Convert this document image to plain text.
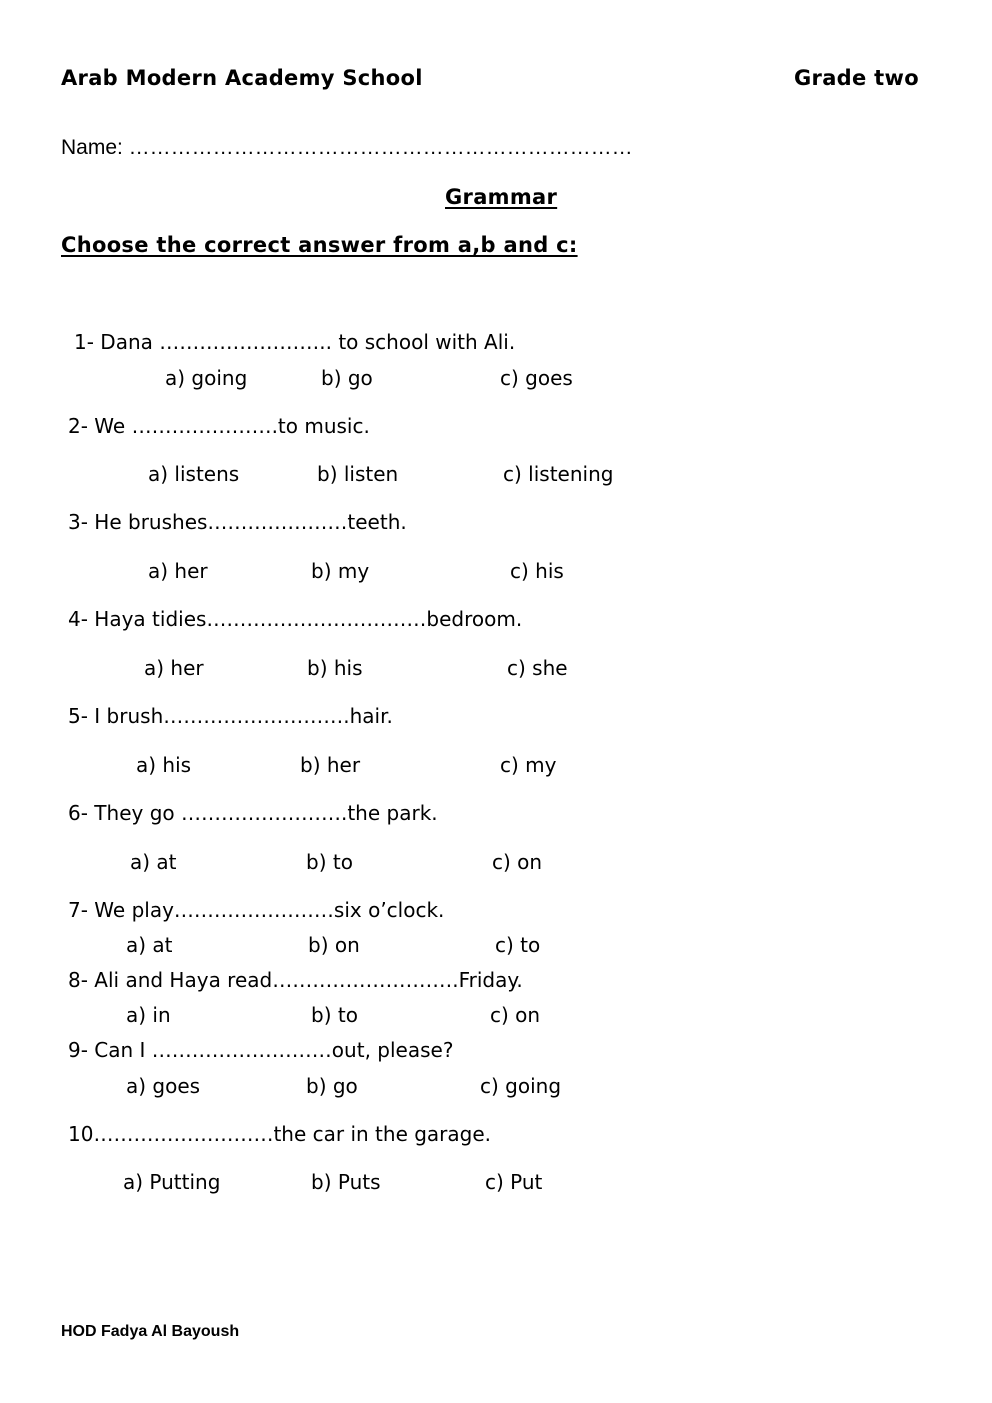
Arab Modern Academy School	Grade two
Name: ………………………………………………………………
Grammar
Choose the correct answer from a,b and c:
1- Dana …………………….. to school with Ali.
a) going	b) go	c) goes
2- We ………………….to music.
a) listens	b) listen	c) listening
3- He brushes…………………teeth.
a) her	b) my	c) his
4- Haya tidies……………………………bedroom.
a) her	b) his	c) she
5- I brush……………………….hair.
a) his	b) her	c) my
6- They go …………………….the park.
a) at	b) to	c) on
7- We play……………………six o’clock.
a) at	b) on	c) to
8- Ali and Haya read……………………….Friday.
a) in	b) to	c) on
9- Can I ………………………out, please?
a) goes	b) go	c) going
10………………………the car in the garage.
a) Putting	b) Puts	c) Put
HOD Fadya Al Bayoush
